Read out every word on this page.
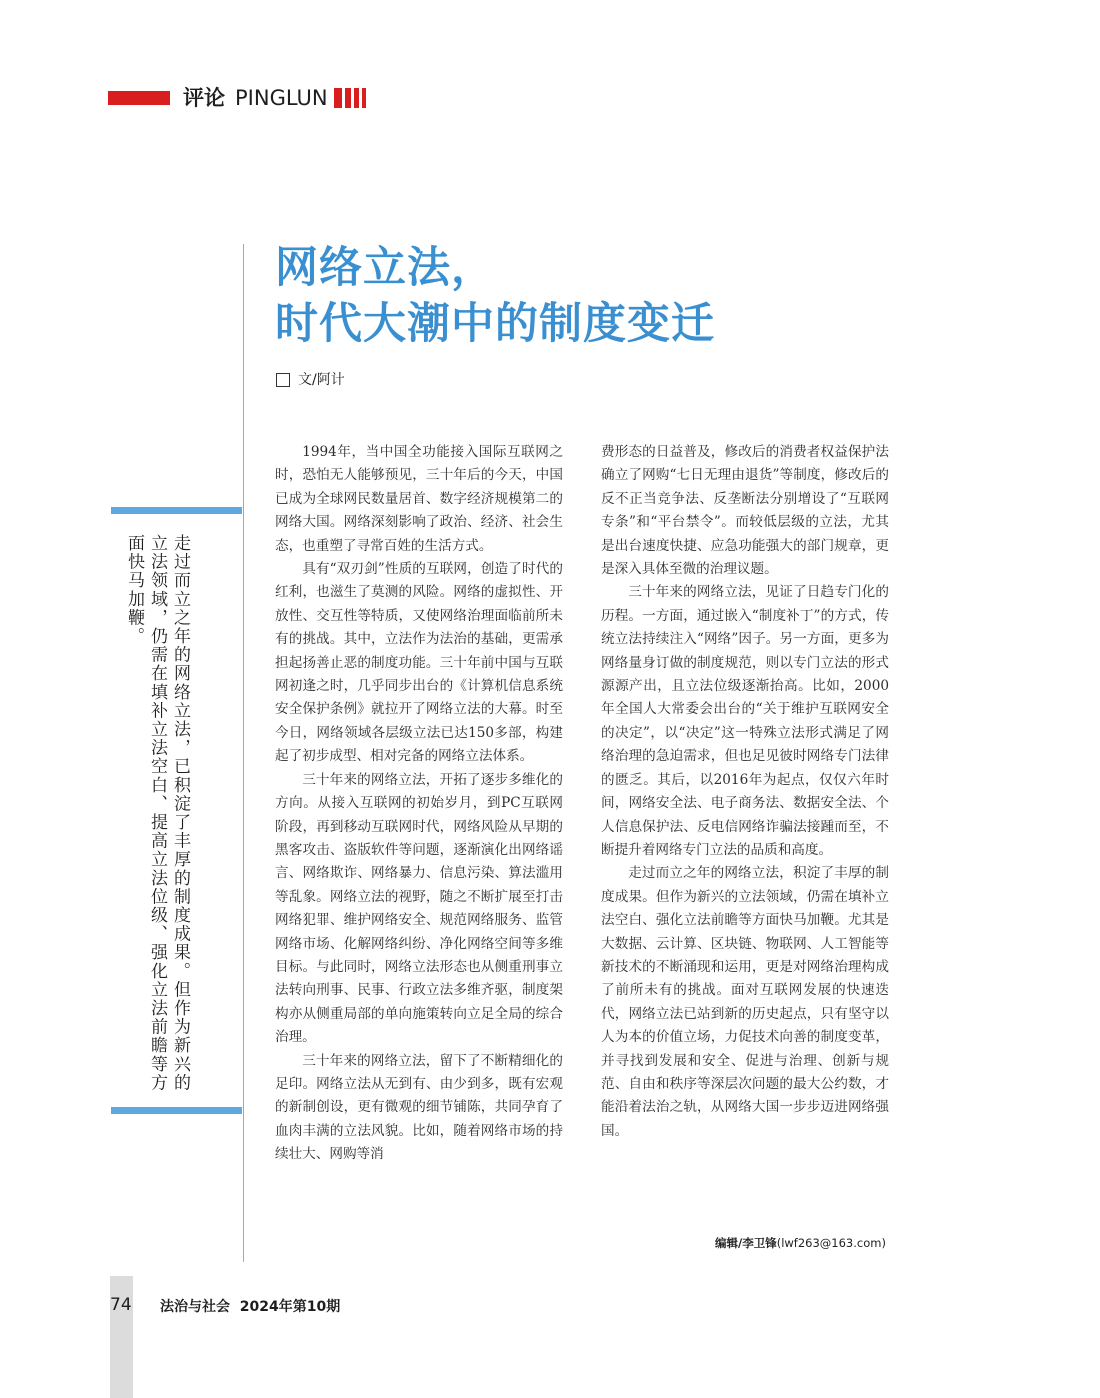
评论 PINGLUN
网络立法，
时代大潮中的制度变迁
文/阿计
走过而立之年的网络立法，已积淀了丰厚的制度成果。但作为新兴的立法领域，仍需在填补立法空白、提高立法位级、强化立法前瞻等方面快马加鞭。

1994年，当中国全功能接入国际互联网之时，恐怕无人能够预见，三十年后的今天，中国已成为全球网民数量居首、数字经济规模第二的网络大国。网络深刻影响了政治、经济、社会生态，也重塑了寻常百姓的生活方式。

具有“双刃剑”性质的互联网，创造了时代的红利，也滋生了莫测的风险。网络的虚拟性、开放性、交互性等特质，又使网络治理面临前所未有的挑战。其中，立法作为法治的基础，更需承担起扬善止恶的制度功能。三十年前中国与互联网初逢之时，几乎同步出台的《计算机信息系统安全保护条例》就拉开了网络立法的大幕。时至今日，网络领域各层级立法已达150多部，构建起了初步成型、相对完备的网络立法体系。

三十年来的网络立法，开拓了逐步多维化的方向。从接入互联网的初始岁月，到PC互联网阶段，再到移动互联网时代，网络风险从早期的黑客攻击、盗版软件等问题，逐渐演化出网络谣言、网络欺诈、网络暴力、信息污染、算法滥用等乱象。网络立法的视野，随之不断扩展至打击网络犯罪、维护网络安全、规范网络服务、监管网络市场、化解网络纠纷、净化网络空间等多维目标。与此同时，网络立法形态也从侧重刑事立法转向刑事、民事、行政立法多维齐驱，制度架构亦从侧重局部的单向施策转向立足全局的综合治理。

三十年来的网络立法，留下了不断精细化的足印。网络立法从无到有、由少到多，既有宏观的新制创设，更有微观的细节铺陈，共同孕育了血肉丰满的立法风貌。比如，随着网络市场的持续壮大、网购等消

费形态的日益普及，修改后的消费者权益保护法确立了网购“七日无理由退货”等制度，修改后的反不正当竞争法、反垄断法分别增设了“互联网专条”和“平台禁令”。而较低层级的立法，尤其是出台速度快捷、应急功能强大的部门规章，更是深入具体至微的治理议题。

三十年来的网络立法，见证了日趋专门化的历程。一方面，通过嵌入“制度补丁”的方式，传统立法持续注入“网络”因子。另一方面，更多为网络量身订做的制度规范，则以专门立法的形式源源产出，且立法位级逐渐抬高。比如，2000年全国人大常委会出台的“关于维护互联网安全的决定”，以“决定”这一特殊立法形式满足了网络治理的急迫需求，但也足见彼时网络专门法律的匮乏。其后，以2016年为起点，仅仅六年时间，网络安全法、电子商务法、数据安全法、个人信息保护法、反电信网络诈骗法接踵而至，不断提升着网络专门立法的品质和高度。

走过而立之年的网络立法，积淀了丰厚的制度成果。但作为新兴的立法领域，仍需在填补立法空白、强化立法前瞻等方面快马加鞭。尤其是大数据、云计算、区块链、物联网、人工智能等新技术的不断涌现和运用，更是对网络治理构成了前所未有的挑战。面对互联网发展的快速迭代，网络立法已站到新的历史起点，只有坚守以人为本的价值立场，力促技术向善的制度变革，并寻找到发展和安全、促进与治理、创新与规范、自由和秩序等深层次问题的最大公约数，才能沿着法治之轨，从网络大国一步步迈进网络强国。

编辑/李卫锋(lwf263@163.com)
74 法治与社会 2024年第10期
